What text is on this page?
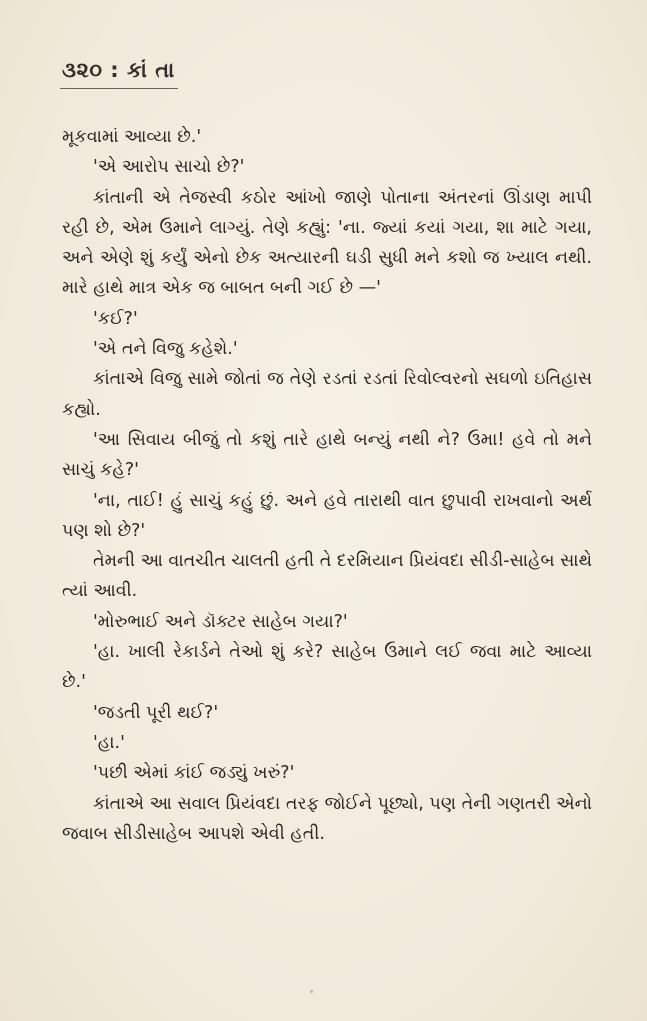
૩૨૦ : કાં તા

મૂકવામાં આવ્યા છે.'

'એ આરોપ સાચો છે?'

કાંતાની એ તેજસ્વી કઠોર આંખો જાણે પોતાના અંતરનાં ઊંડાણ માપી રહી છે, એમ ઉમાને લાગ્યું. તેણે કહ્યું: 'ના. જ્યાં કયાં ગયા, શા માટે ગયા, અને એણે શું કર્યું એનો છેક અત્યારની ઘડી સુધી મને કશો જ ખ્યાલ નથી. મારે હાથે માત્ર એક જ બાબત બની ગઈ છે —'

'કઈ?'

'એ તને વિજુ કહેશે.'

કાંતાએ વિજુ સામે જોતાં જ તેણે રડતાં રડતાં રિવોલ્વરનો સઘળો ઇતિહાસ કહ્યો.

'આ સિવાય બીજું તો કશું તારે હાથે બન્યું નથી ને? ઉમા! હવે તો મને સાચું કહે?'

'ના, તાઈ! હું સાચું કહું છું. અને હવે તારાથી વાત છુપાવી રાખવાનો અર્થ પણ શો છે?'

તેમની આ વાતચીત ચાલતી હતી તે દરમિયાન પ્રિયંવદા સીડી-સાહેબ સાથે ત્યાં આવી.

'મોરુભાઈ અને ડૉક્ટર સાહેબ ગયા?'

'હા. ખાલી રેકાર્ડને તેઓ શું કરે? સાહેબ ઉમાને લઈ જવા માટે આવ્યા છે.'

'જડતી પૂરી થઈ?'

'હા.'

'પછી એમાં કાંઈ જડ્યું ખરું?'

કાંતાએ આ સવાલ પ્રિયંવદા તરફ જોઈને પૂછ્યો, પણ તેની ગણતરી એનો જવાબ સીડીસાહેબ આપશે એવી હતી.
